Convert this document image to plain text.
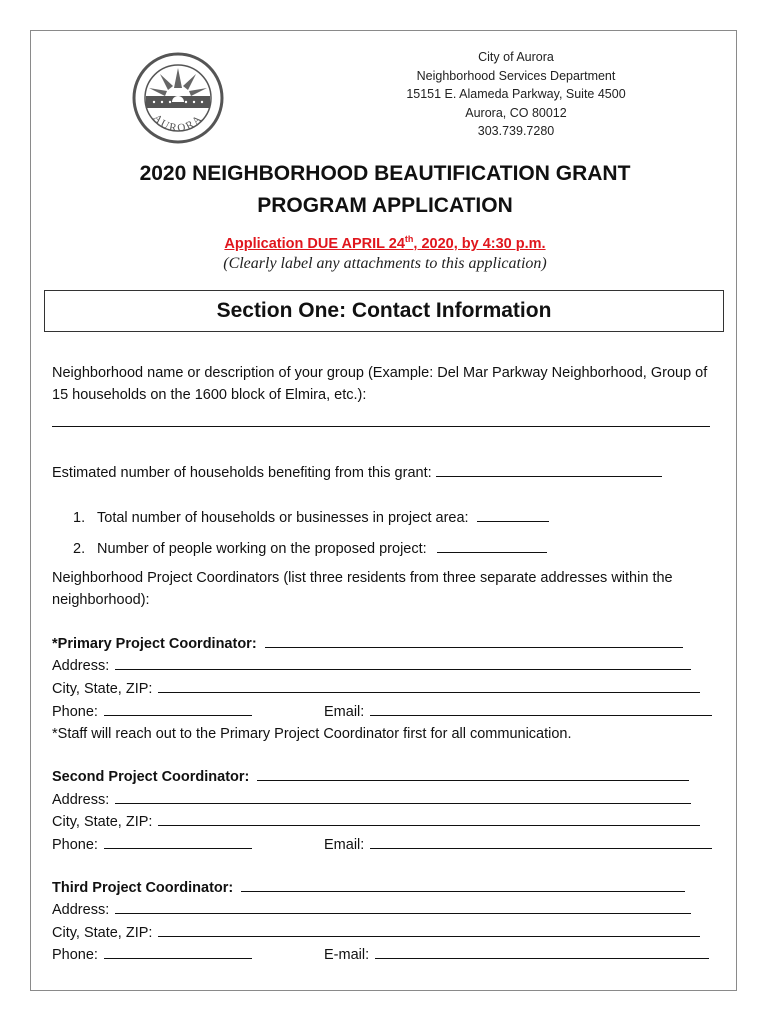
AURORA
City of Aurora
Neighborhood Services Department
15151 E. Alameda Parkway, Suite 4500
Aurora, CO 80012
303.739.7280
2020 NEIGHBORHOOD BEAUTIFICATION GRANT
PROGRAM APPLICATION
Application DUE APRIL 24th, 2020, by 4:30 p.m.
(Clearly label any attachments to this application)
Section One: Contact Information
Neighborhood name or description of your group (Example: Del Mar Parkway Neighborhood, Group of 15 households on the 1600 block of Elmira, etc.):
Estimated number of households benefiting from this grant:
1. Total number of households or businesses in project area:
2. Number of people working on the proposed project:
Neighborhood Project Coordinators (list three residents from three separate addresses within the neighborhood):
*Primary Project Coordinator:
Address:
City, State, ZIP:
Phone:	Email:
*Staff will reach out to the Primary Project Coordinator first for all communication.
Second Project Coordinator:
Address:
City, State, ZIP:
Phone:	Email:
Third Project Coordinator:
Address:
City, State, ZIP:
Phone:	E-mail:
